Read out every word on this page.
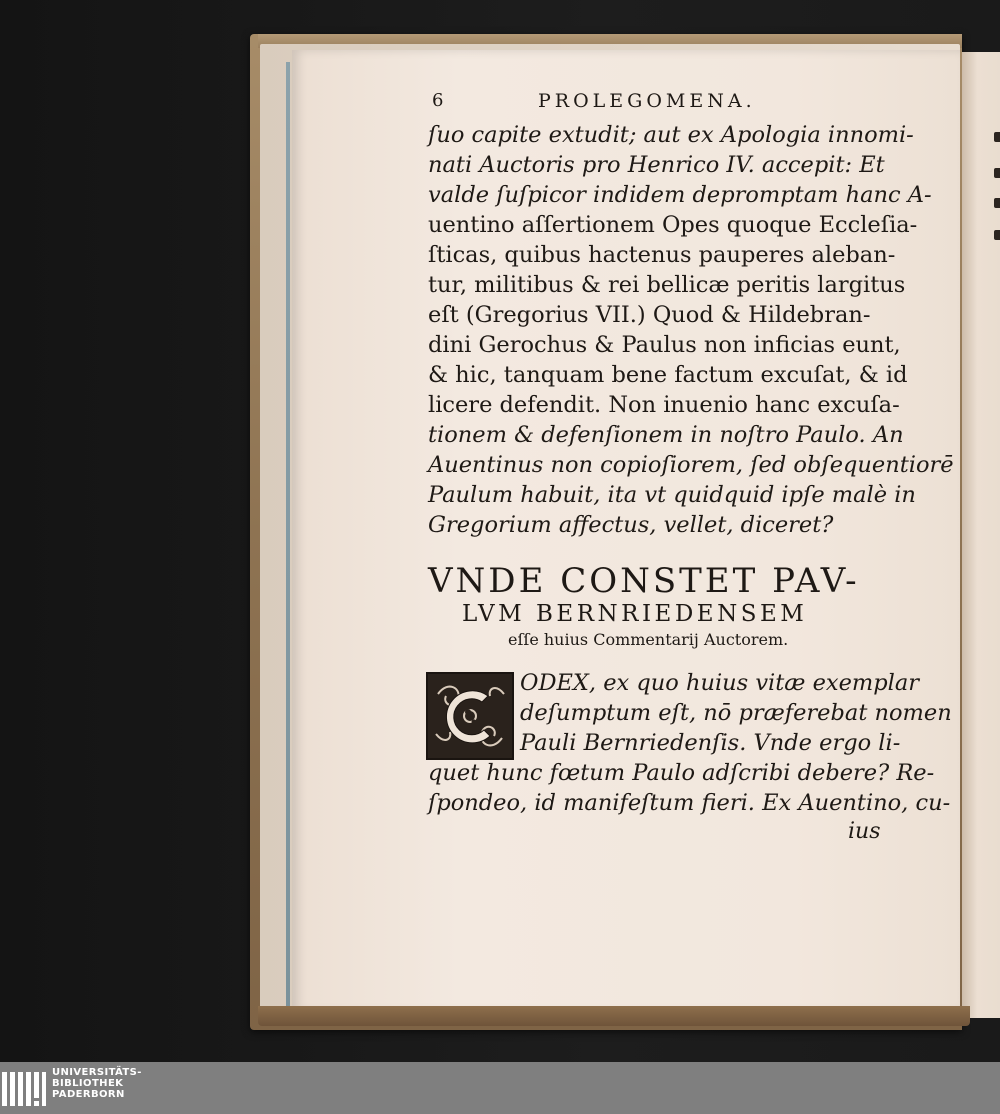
6	PROLEGOMENA.
ſuo capite extudit; aut ex Apologia innomi-
nati Auctoris pro Henrico IV. accepit: Et
valde ſuſpicor indidem depromptam hanc A-
uentino aſſertionem Opes quoque Eccleſia-
ſticas, quibus hactenus pauperes aleban-
tur, militibus & rei bellicæ peritis largitus
eſt (Gregorius VII.) Quod & Hildebran-
dini Gerochus & Paulus non inficias eunt,
& hic, tanquam bene factum excuſat, & id
licere defendit. Non inuenio hanc excuſa-
tionem & defenſionem in noſtro Paulo. An
Auentinus non copioſiorem, ſed obſequentiorē
Paulum habuit, ita vt quidquid ipſe malè in
Gregorium affectus, vellet, diceret?
VNDE CONSTET PAV-
LVM BERNRIEDENSEM
eſſe huius Commentarij Auctorem.
ODEX, ex quo huius vitæ exemplar
deſumptum eſt, nō præferebat nomen
Pauli Bernriedenſis. Vnde ergo li-
quet hunc fœtum Paulo adſcribi debere? Re-
ſpondeo, id manifeſtum fieri. Ex Auentino, cu-
ius
UNIVERSITÄTS-
BIBLIOTHEK
PADERBORN
